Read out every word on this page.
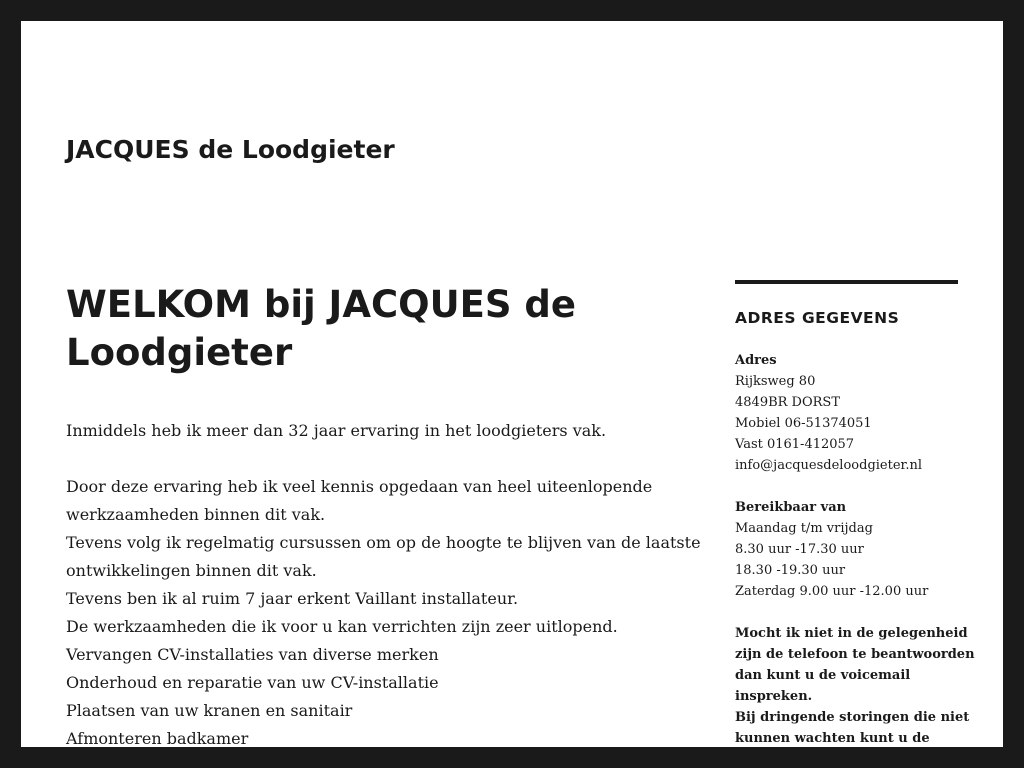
JACQUES de Loodgieter
WELKOM bij JACQUES de Loodgieter

Inmiddels heb ik meer dan 32 jaar ervaring in het loodgieters vak.

Door deze ervaring heb ik veel kennis opgedaan van heel uiteenlopende
werkzaamheden binnen dit vak.
Tevens volg ik regelmatig cursussen om op de hoogte te blijven van de laatste
ontwikkelingen binnen dit vak.
Tevens ben ik al ruim 7 jaar erkent Vaillant installateur.
De werkzaamheden die ik voor u kan verrichten zijn zeer uitlopend.
Vervangen CV-installaties van diverse merken
Onderhoud en reparatie van uw CV-installatie
Plaatsen van uw kranen en sanitair
Afmonteren badkamer
ADRES GEGEVENS
Adres
Rijksweg 80
4849BR DORST
Mobiel 06-51374051
Vast 0161-412057
info@jacquesdeloodgieter.nl
Bereikbaar van
Maandag t/m vrijdag
8.30 uur -17.30 uur
18.30 -19.30 uur
Zaterdag 9.00 uur -12.00 uur
Mocht ik niet in de gelegenheid
zijn de telefoon te beantwoorden
dan kunt u de voicemail
inspreken.
Bij dringende storingen die niet
kunnen wachten kunt u de
